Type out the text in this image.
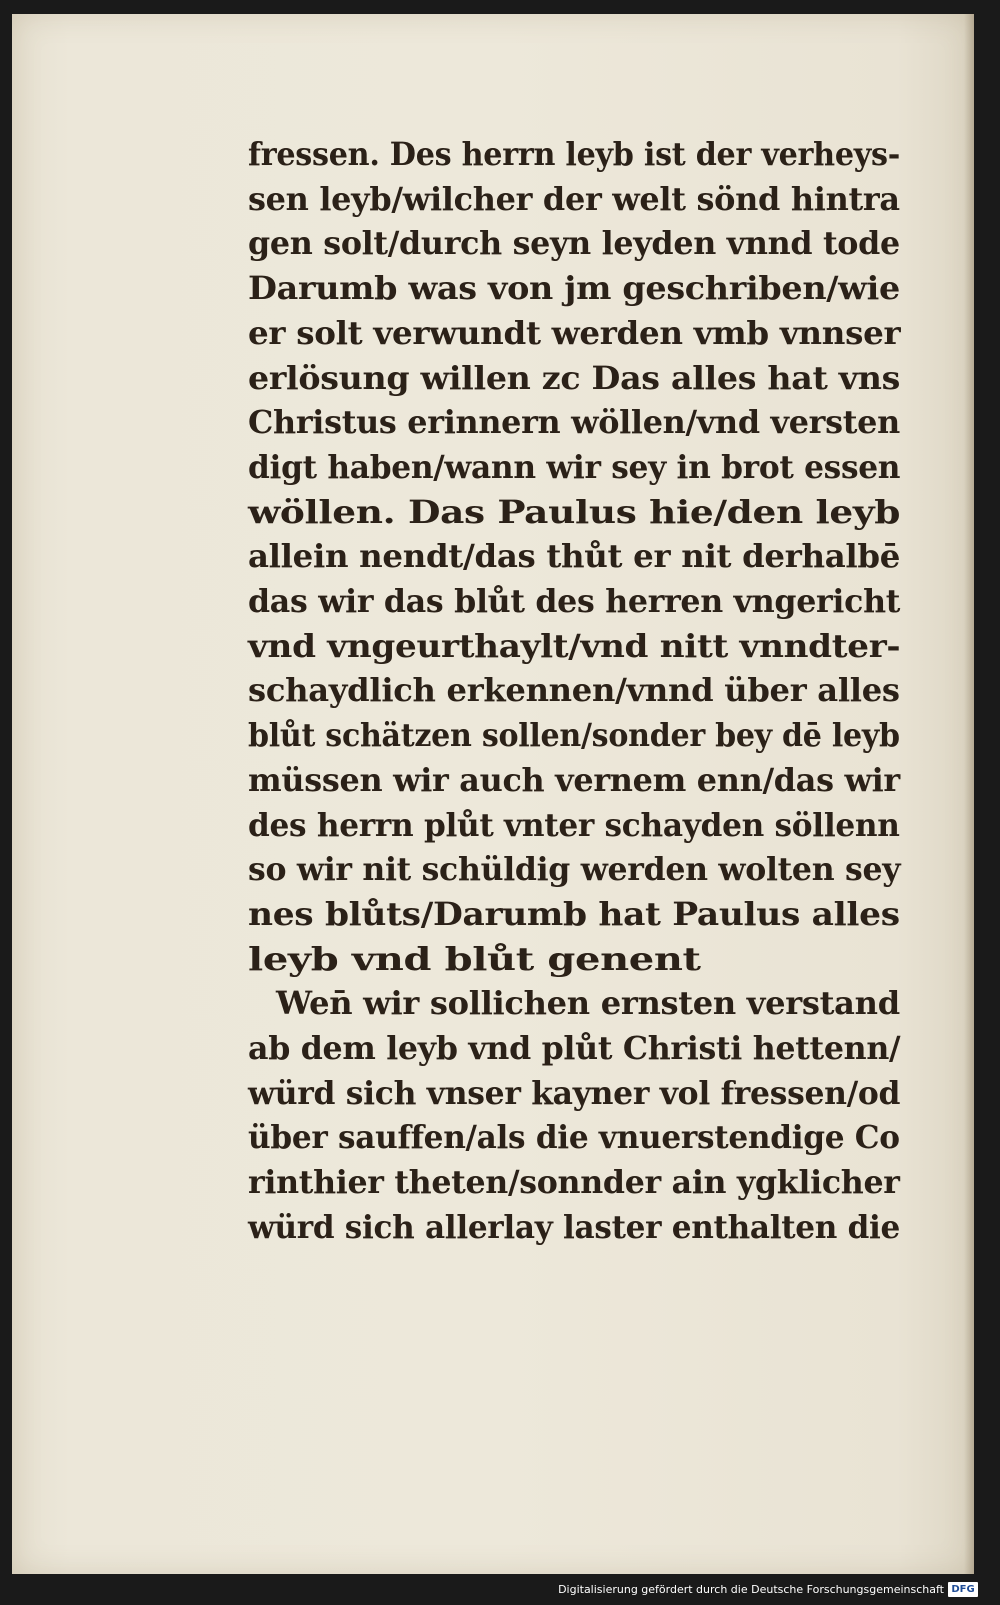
fressen. Des herrn leyb ist der verheys-
sen leyb/wilcher der welt sönd hintra
gen solt/durch seyn leyden vnnd tode
Darumb was von jm geschriben/wie
er solt verwundt werden vmb vnnser
erlösung willen zc Das alles hat vns
Christus erinnern wöllen/vnd versten
digt haben/wann wir sey in brot essen
wöllen. Das Paulus hie/den leyb
allein nendt/das thůt er nit derhalbē
das wir das blůt des herren vngericht
vnd vngeurthaylt/vnd nitt vnndter-
schaydlich erkennen/vnnd über alles
blůt schätzen sollen/sonder bey dē leyb
müssen wir auch vernem enn/das wir
des herrn plůt vnter schayden söllenn
so wir nit schüldig werden wolten sey
nes blůts/Darumb hat Paulus alles
leyb vnd blůt genent
Wen̄ wir sollichen ernsten verstand
ab dem leyb vnd plůt Christi hettenn/
würd sich vnser kayner vol fressen/od
über sauffen/als die vnuerstendige Co
rinthier theten/sonnder ain ygklicher
würd sich allerlay laster enthalten die
Digitalisierung gefördert durch die Deutsche Forschungsgemeinschaft DFG
